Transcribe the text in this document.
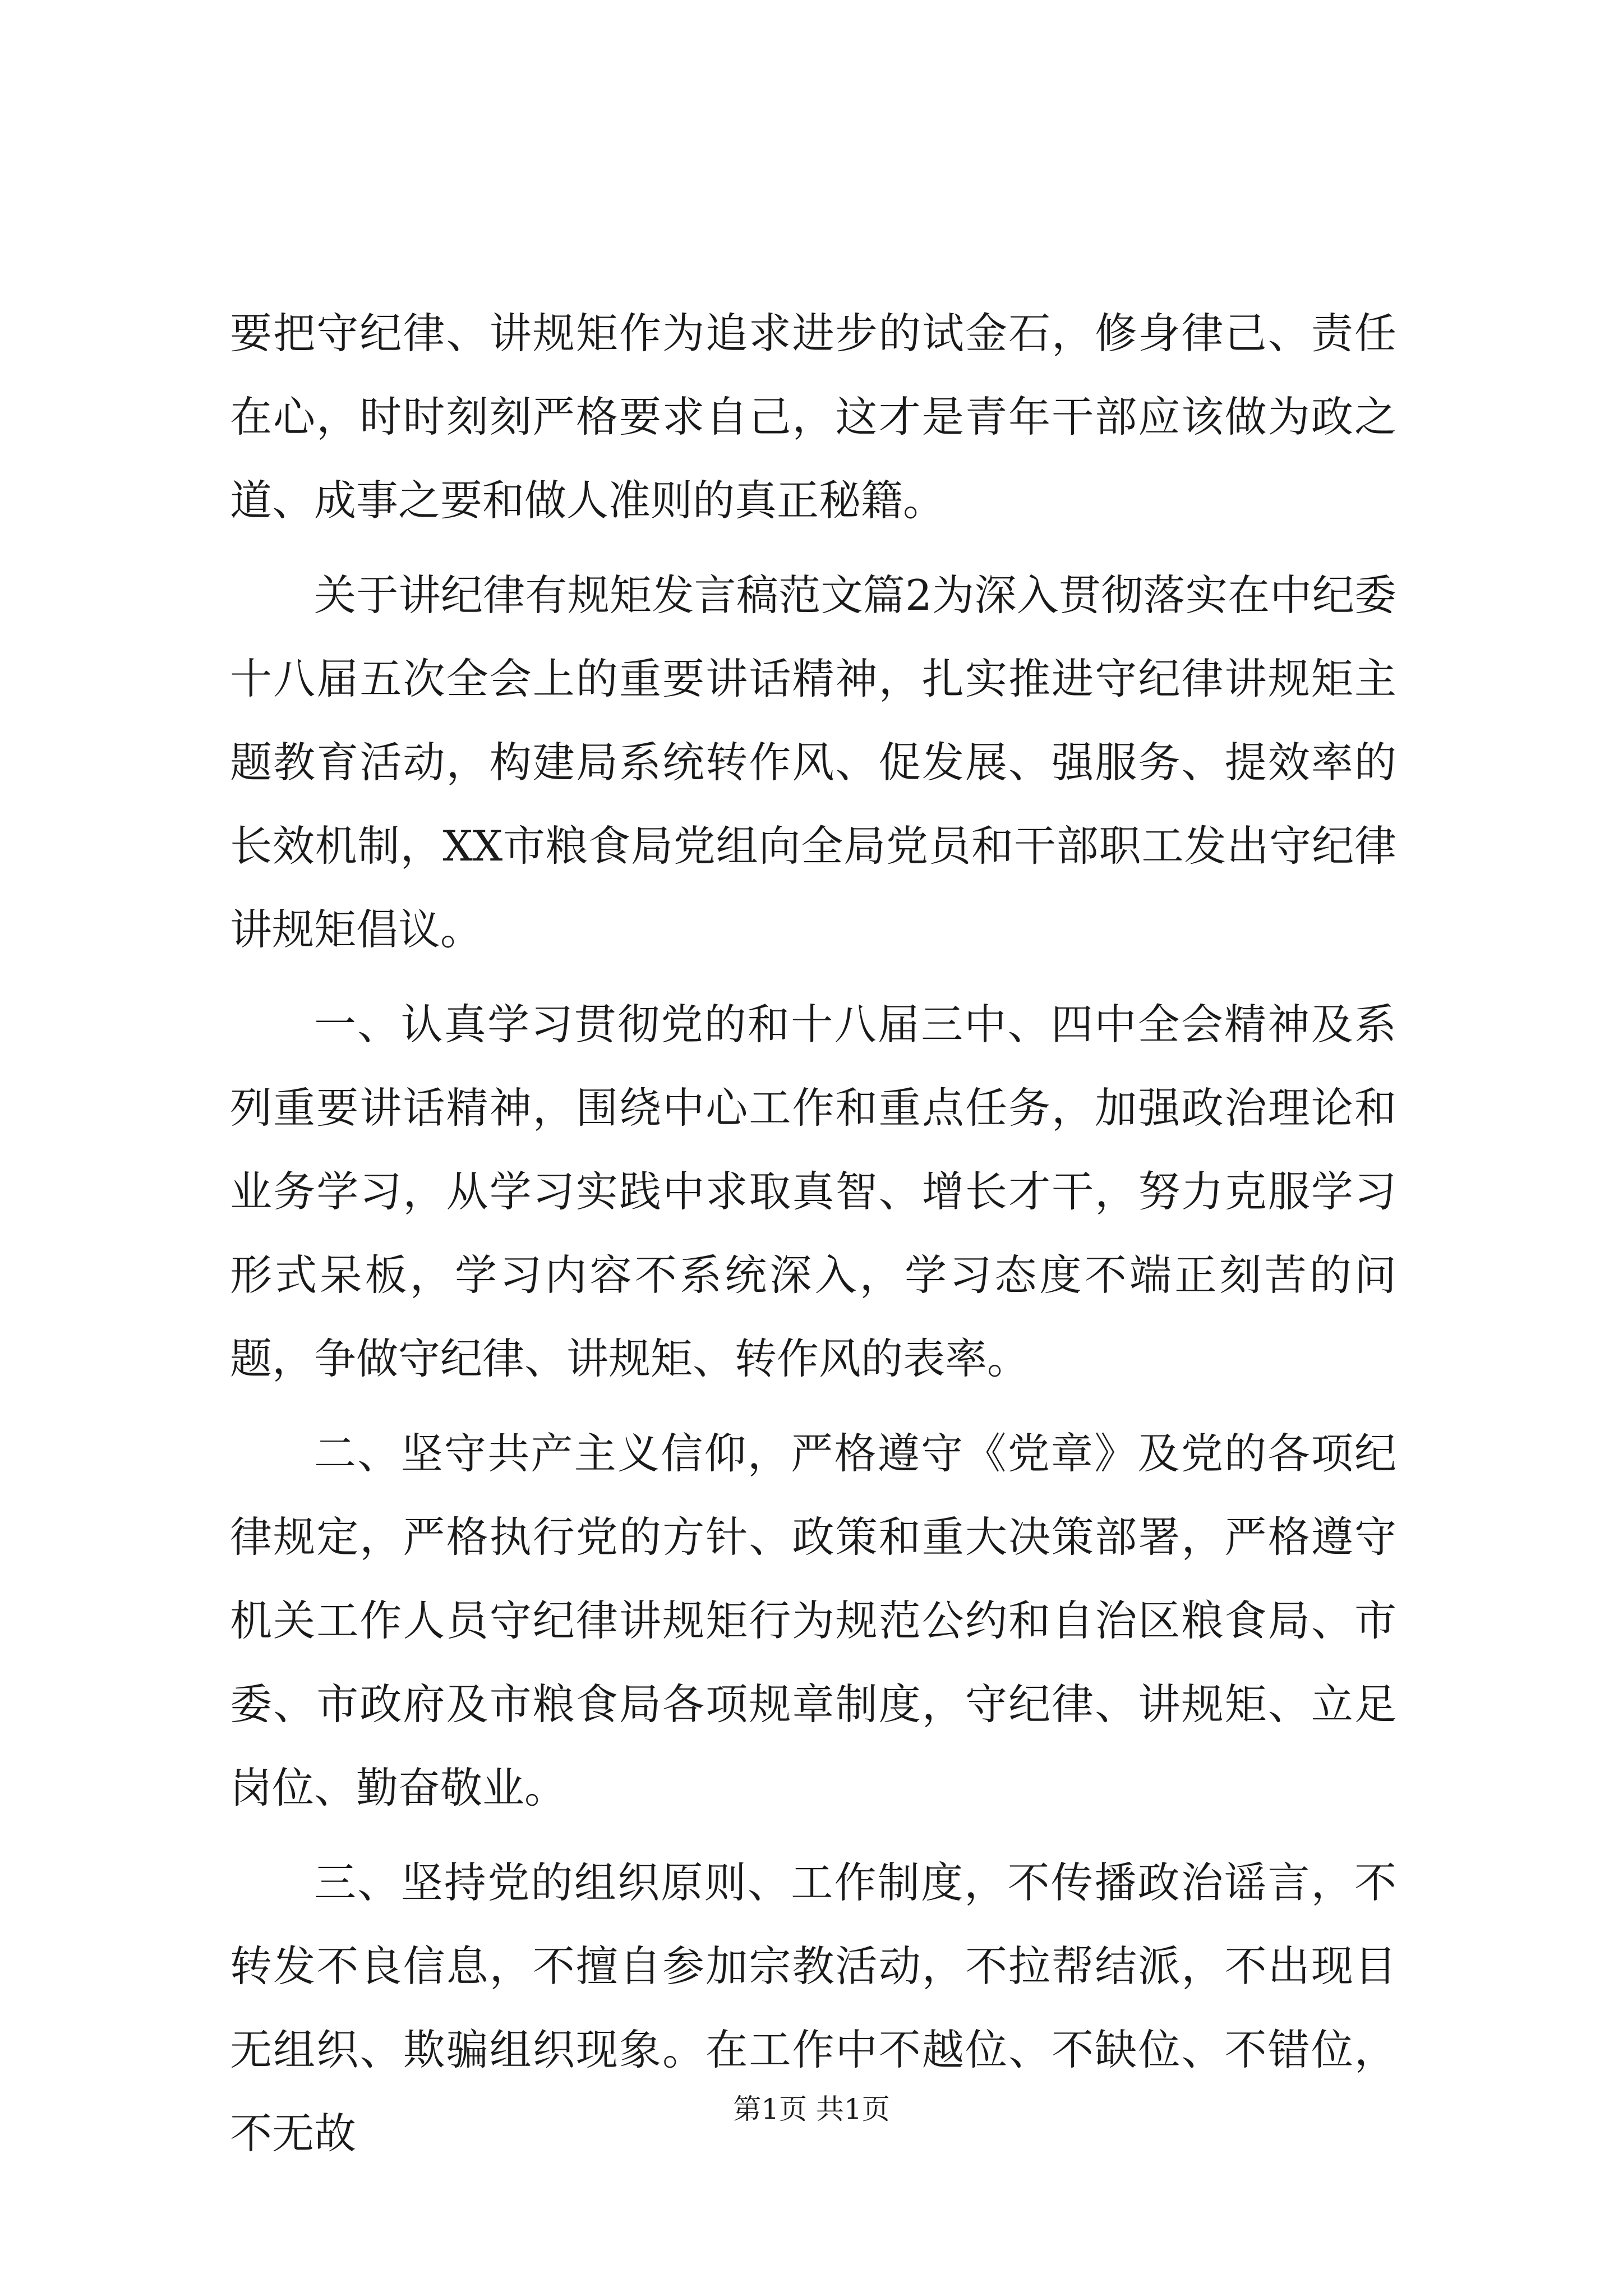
要把守纪律、讲规矩作为追求进步的试金石，修身律己、责任在心，时时刻刻严格要求自己，这才是青年干部应该做为政之道、成事之要和做人准则的真正秘籍。

关于讲纪律有规矩发言稿范文篇2为深入贯彻落实在中纪委十八届五次全会上的重要讲话精神，扎实推进守纪律讲规矩主题教育活动，构建局系统转作风、促发展、强服务、提效率的长效机制，XX市粮食局党组向全局党员和干部职工发出守纪律讲规矩倡议。

一、认真学习贯彻党的和十八届三中、四中全会精神及系列重要讲话精神，围绕中心工作和重点任务，加强政治理论和业务学习，从学习实践中求取真智、增长才干，努力克服学习形式呆板，学习内容不系统深入，学习态度不端正刻苦的问题，争做守纪律、讲规矩、转作风的表率。

二、坚守共产主义信仰，严格遵守《党章》及党的各项纪律规定，严格执行党的方针、政策和重大决策部署，严格遵守机关工作人员守纪律讲规矩行为规范公约和自治区粮食局、市委、市政府及市粮食局各项规章制度，守纪律、讲规矩、立足岗位、勤奋敬业。

三、坚持党的组织原则、工作制度，不传播政治谣言，不转发不良信息，不擅自参加宗教活动，不拉帮结派，不出现目无组织、欺骗组织现象。在工作中不越位、不缺位、不错位，不无故	第1页 共1页
